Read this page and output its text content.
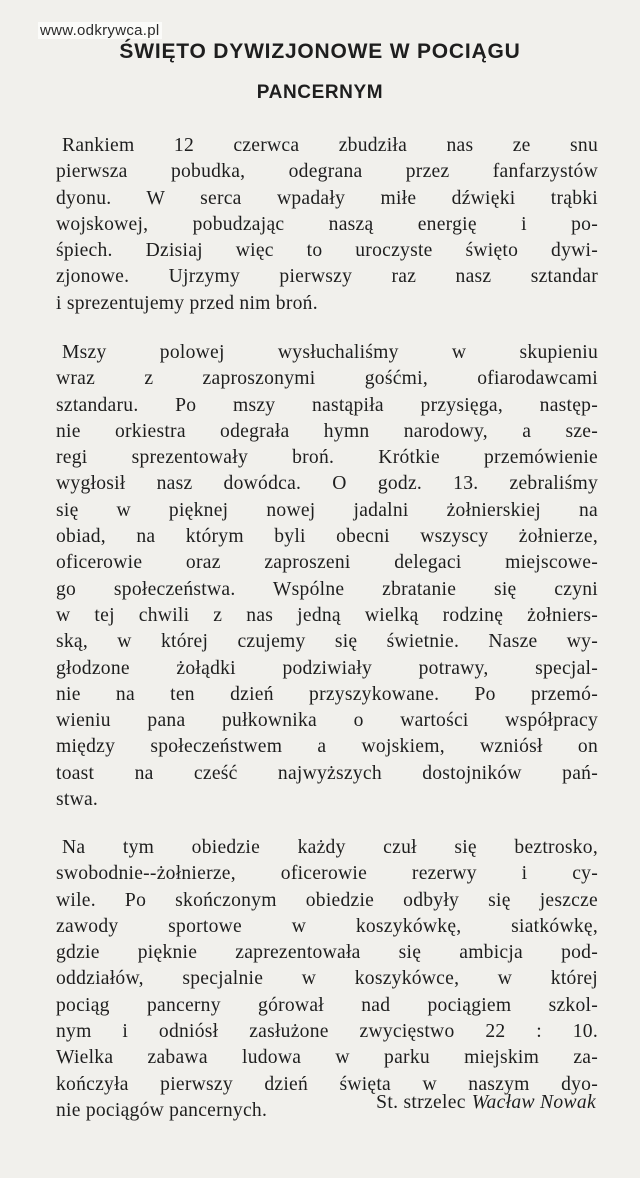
www.odkrywca.pl
ŚWIĘTO DYWIZJONOWE W POCIĄGU
PANCERNYM
Rankiem 12 czerwca zbudziła nas ze snu
pierwsza pobudka, odegrana przez fanfarzystów
dyonu. W serca wpadały miłe dźwięki trąbki
wojskowej, pobudzając naszą energię i po-
śpiech. Dzisiaj więc to uroczyste święto dywi-
zjonowe. Ujrzymy pierwszy raz nasz sztandar
i sprezentujemy przed nim broń.
Mszy polowej wysłuchaliśmy w skupieniu
wraz z zaproszonymi gośćmi, ofiarodawcami
sztandaru. Po mszy nastąpiła przysięga, następ-
nie orkiestra odegrała hymn narodowy, a sze-
regi sprezentowały broń. Krótkie przemówienie
wygłosił nasz dowódca. O godz. 13. zebraliśmy
się w pięknej nowej jadalni żołnierskiej na
obiad, na którym byli obecni wszyscy żołnierze,
oficerowie oraz zaproszeni delegaci miejscowe-
go społeczeństwa. Wspólne zbratanie się czyni
w tej chwili z nas jedną wielką rodzinę żołniers-
ską, w której czujemy się świetnie. Nasze wy-
głodzone żołądki podziwiały potrawy, specjal-
nie na ten dzień przyszykowane. Po przemó-
wieniu pana pułkownika o wartości współpracy
między społeczeństwem a wojskiem, wzniósł on
toast na cześć najwyższych dostojników pań-
stwa.
Na tym obiedzie każdy czuł się beztrosko,
swobodnie--żołnierze, oficerowie rezerwy i cy-
wile. Po skończonym obiedzie odbyły się jeszcze
zawody sportowe w koszykówkę, siatkówkę,
gdzie pięknie zaprezentowała się ambicja pod-
oddziałów, specjalnie w koszykówce, w której
pociąg pancerny górował nad pociągiem szkol-
nym i odniósł zasłużone zwycięstwo 22 : 10.
Wielka zabawa ludowa w parku miejskim za-
kończyła pierwszy dzień święta w naszym dyo-
nie pociągów pancernych.	St. strzelec Wacław Nowak
